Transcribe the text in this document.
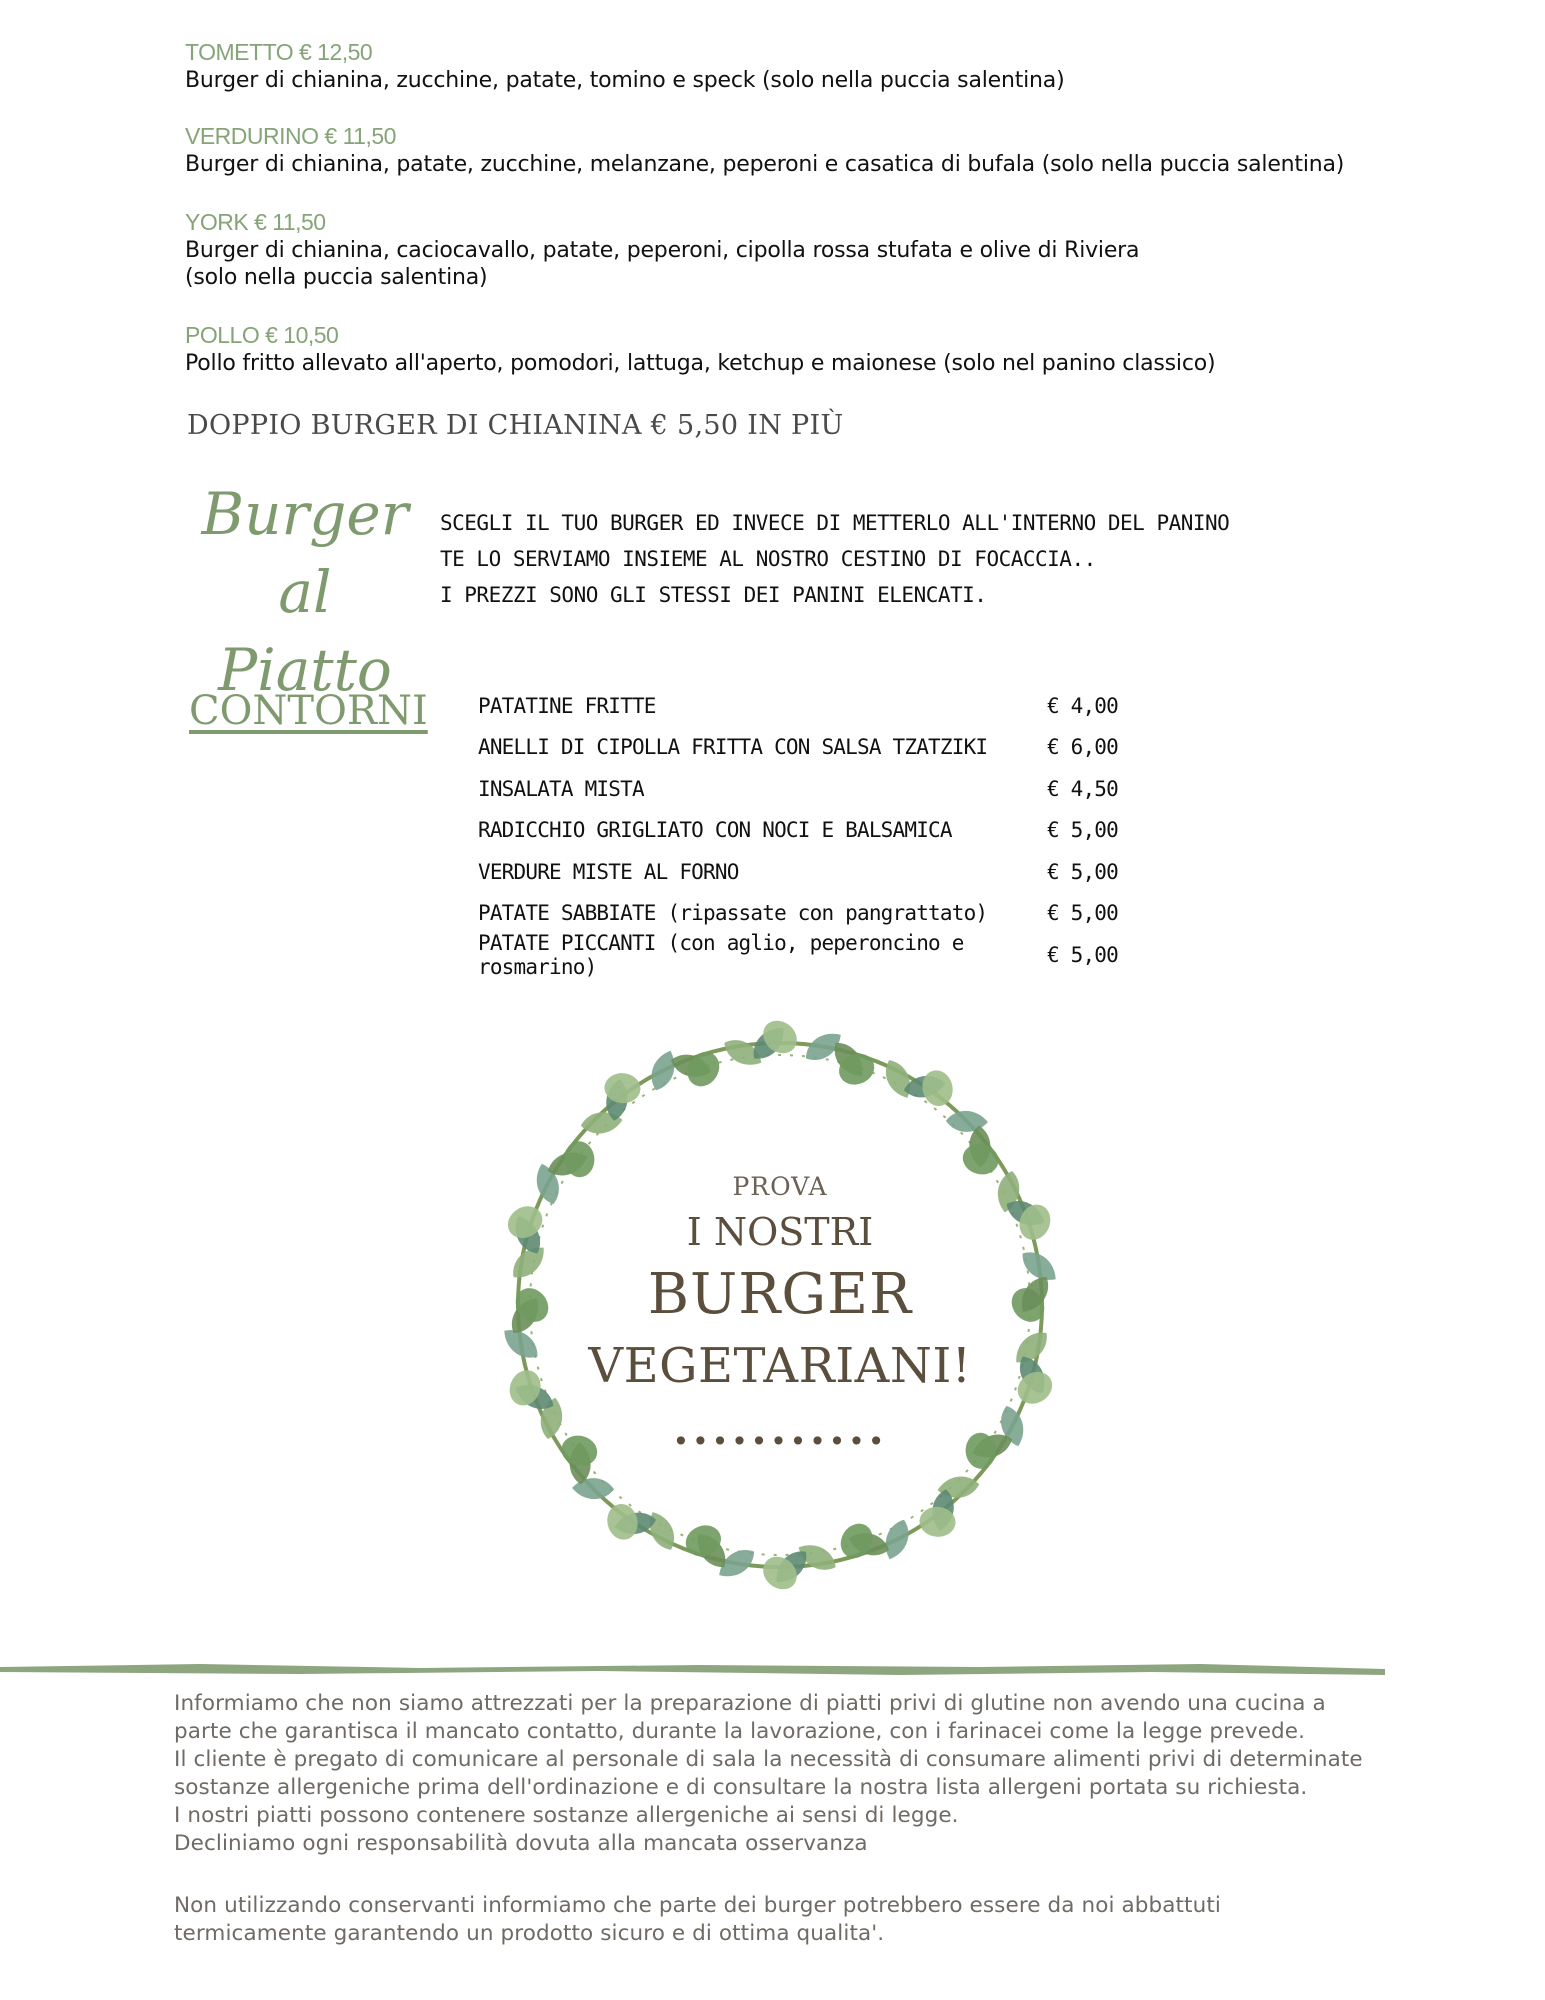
TOMETTO € 12,50
Burger di chianina, zucchine, patate, tomino e speck (solo nella puccia salentina)
VERDURINO € 11,50
Burger di chianina, patate, zucchine, melanzane, peperoni e casatica di bufala (solo nella puccia salentina)
YORK € 11,50
Burger di chianina, caciocavallo, patate, peperoni, cipolla rossa stufata e olive di Riviera
(solo nella puccia salentina)
POLLO € 10,50
Pollo fritto allevato all'aperto, pomodori, lattuga, ketchup e maionese (solo nel panino classico)
DOPPIO BURGER DI CHIANINA € 5,50 IN PIÙ
Burger al
Piatto
SCEGLI IL TUO BURGER ED INVECE DI METTERLO ALL'INTERNO DEL PANINO
TE LO SERVIAMO INSIEME AL NOSTRO CESTINO DI FOCACCIA..
I PREZZI SONO GLI STESSI DEI PANINI ELENCATI.
CONTORNI PATATINE FRITTE	€ 4,00
ANELLI DI CIPOLLA FRITTA CON SALSA TZATZIKI	€ 6,00
INSALATA MISTA	€ 4,50
RADICCHIO GRIGLIATO CON NOCI E BALSAMICA	€ 5,00
VERDURE MISTE AL FORNO	€ 5,00
PATATE SABBIATE (ripassate con pangrattato)	€ 5,00
PATATE PICCANTI (con aglio, peperoncino e rosmarino)	€ 5,00
PROVA
I NOSTRI
BURGER
VEGETARIANI!
•••••••••••
Informiamo che non siamo attrezzati per la preparazione di piatti privi di glutine non avendo una cucina a
parte che garantisca il mancato contatto, durante la lavorazione, con i farinacei come la legge prevede.
Il cliente è pregato di comunicare al personale di sala la necessità di consumare alimenti privi di determinate
sostanze allergeniche prima dell'ordinazione e di consultare la nostra lista allergeni portata su richiesta.
I nostri piatti possono contenere sostanze allergeniche ai sensi di legge.
Decliniamo ogni responsabilità dovuta alla mancata osservanza
Non utilizzando conservanti informiamo che parte dei burger potrebbero essere da noi abbattuti
termicamente garantendo un prodotto sicuro e di ottima qualita'.
